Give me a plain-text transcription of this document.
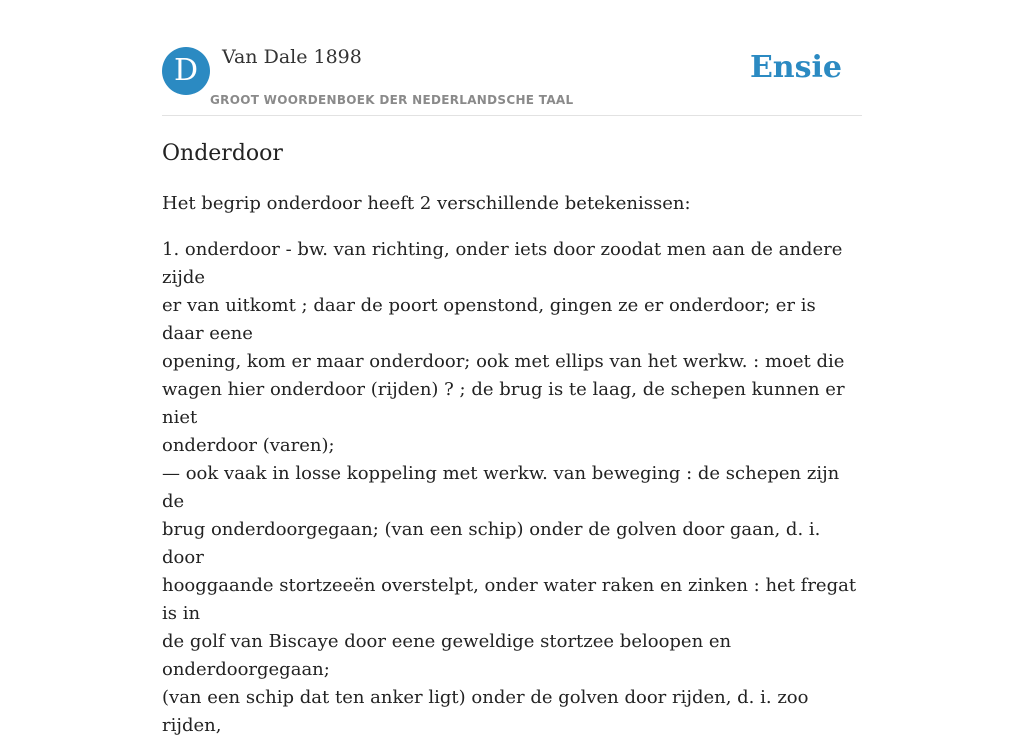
D	Van Dale 1898
GROOT WOORDENBOEK DER NEDERLANDSCHE TAAL
Ensie
Onderdoor

Het begrip onderdoor heeft 2 verschillende betekenissen:

1. onderdoor - bw. van richting, onder iets door zoodat men aan de andere zijde

er van uitkomt ; daar de poort openstond, gingen ze er onderdoor; er is daar eene

opening, kom er maar onderdoor; ook met ellips van het werkw. : moet die

wagen hier onderdoor (rijden) ? ; de brug is te laag, de schepen kunnen er niet

onderdoor (varen);

— ook vaak in losse koppeling met werkw. van beweging : de schepen zijn de

brug onderdoorgegaan; (van een schip) onder de golven door gaan, d. i. door

hooggaande stortzeeën overstelpt, onder water raken en zinken : het fregat is in

de golf van Biscaye door eene geweldige stortzee beloopen en onderdoorgegaan;

(van een schip dat ten anker ligt) onder de golven door rijden, d. i. zoo rijden,
